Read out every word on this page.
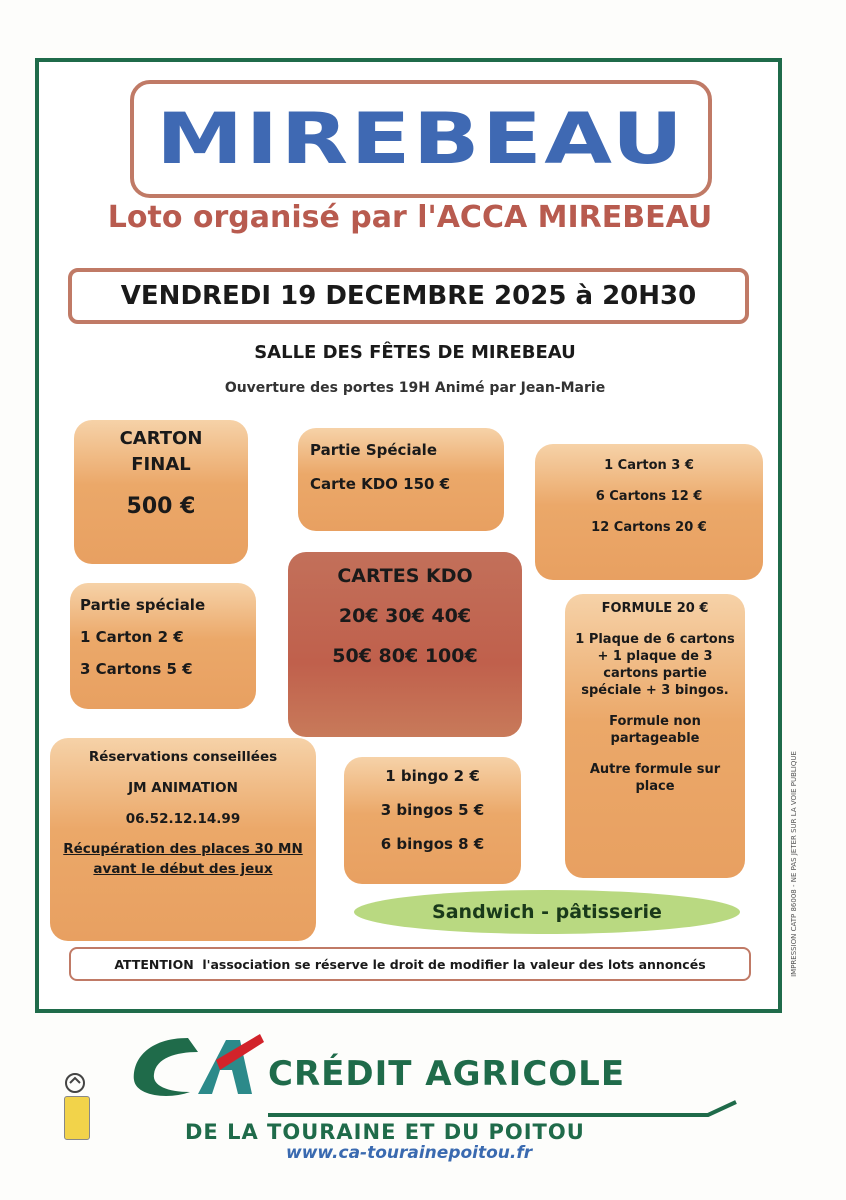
MIREBEAU
Loto organisé par l'ACCA MIREBEAU
VENDREDI 19 DECEMBRE 2025 à 20H30
SALLE DES FÊTES DE MIREBEAU
Ouverture des portes 19H Animé par Jean-Marie

CARTON

FINAL

500 €

Partie Spéciale

Carte KDO 150 €

1 Carton 3 €

6 Cartons 12 €

12 Cartons 20 €

CARTES KDO

20€ 30€ 40€

50€ 80€ 100€

Partie spéciale

1 Carton 2 €

3 Cartons 5 €

FORMULE 20 €

1 Plaque de 6 cartons + 1 plaque de 3 cartons partie spéciale + 3 bingos.

Formule non partageable

Autre formule sur place

Réservations conseillées

JM ANIMATION

06.52.12.14.99

Récupération des places 30 MN avant le début des jeux

1 bingo 2 €

3 bingos 5 €

6 bingos 8 €

Sandwich - pâtisserie
ATTENTION
l'association se réserve le droit de modifier la valeur des lots annoncés	IMPRESSION CATP 86008 - NE PAS JETER SUR LA VOIE PUBLIQUE
CRÉDIT AGRICOLE
DE LA TOURAINE ET DU POITOU
www.ca-tourainepoitou.fr
